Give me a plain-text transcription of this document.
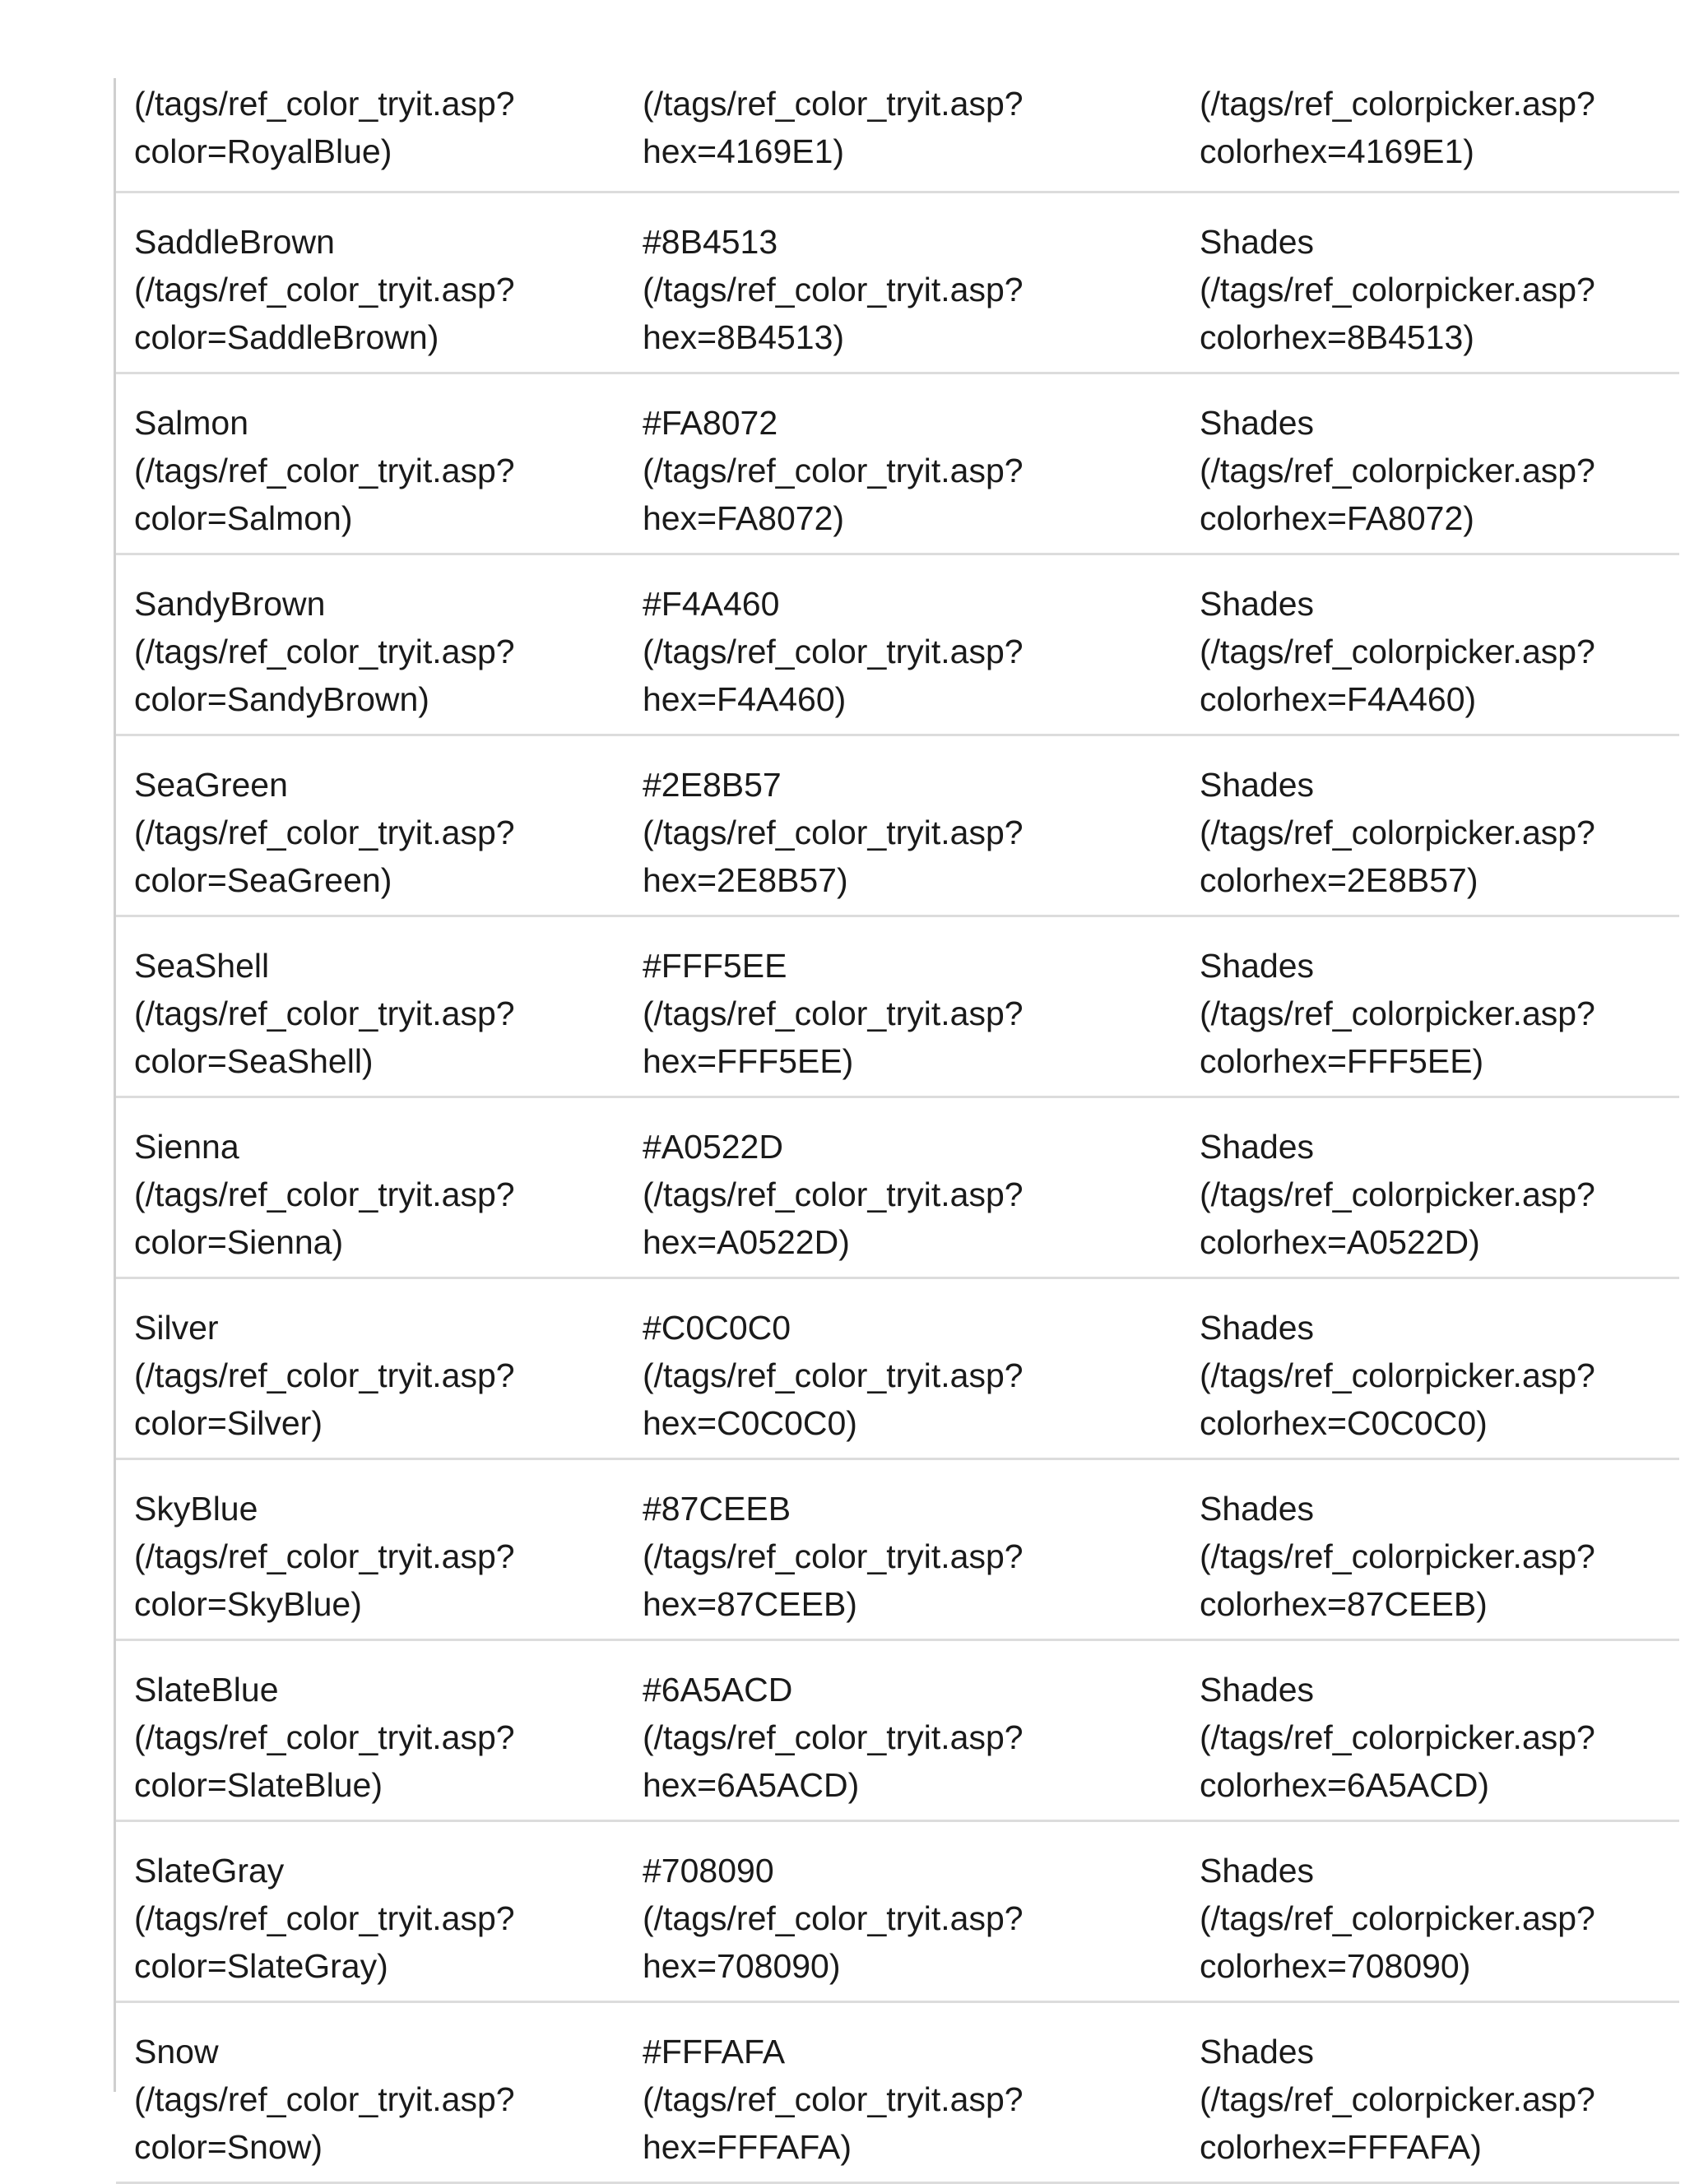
(/tags/ref_color_tryit.asp?
color=RoyalBlue)
(/tags/ref_color_tryit.asp?
hex=4169E1)
(/tags/ref_colorpicker.asp?
colorhex=4169E1)
SaddleBrown
(/tags/ref_color_tryit.asp?
color=SaddleBrown)
#8B4513
(/tags/ref_color_tryit.asp?
hex=8B4513)
Shades
(/tags/ref_colorpicker.asp?
colorhex=8B4513)
Salmon
(/tags/ref_color_tryit.asp?
color=Salmon)
#FA8072
(/tags/ref_color_tryit.asp?
hex=FA8072)
Shades
(/tags/ref_colorpicker.asp?
colorhex=FA8072)
SandyBrown
(/tags/ref_color_tryit.asp?
color=SandyBrown)
#F4A460
(/tags/ref_color_tryit.asp?
hex=F4A460)
Shades
(/tags/ref_colorpicker.asp?
colorhex=F4A460)
SeaGreen
(/tags/ref_color_tryit.asp?
color=SeaGreen)
#2E8B57
(/tags/ref_color_tryit.asp?
hex=2E8B57)
Shades
(/tags/ref_colorpicker.asp?
colorhex=2E8B57)
SeaShell
(/tags/ref_color_tryit.asp?
color=SeaShell)
#FFF5EE
(/tags/ref_color_tryit.asp?
hex=FFF5EE)
Shades
(/tags/ref_colorpicker.asp?
colorhex=FFF5EE)
Sienna
(/tags/ref_color_tryit.asp?
color=Sienna)
#A0522D
(/tags/ref_color_tryit.asp?
hex=A0522D)
Shades
(/tags/ref_colorpicker.asp?
colorhex=A0522D)
Silver
(/tags/ref_color_tryit.asp?
color=Silver)
#C0C0C0
(/tags/ref_color_tryit.asp?
hex=C0C0C0)
Shades
(/tags/ref_colorpicker.asp?
colorhex=C0C0C0)
SkyBlue
(/tags/ref_color_tryit.asp?
color=SkyBlue)
#87CEEB
(/tags/ref_color_tryit.asp?
hex=87CEEB)
Shades
(/tags/ref_colorpicker.asp?
colorhex=87CEEB)
SlateBlue
(/tags/ref_color_tryit.asp?
color=SlateBlue)
#6A5ACD
(/tags/ref_color_tryit.asp?
hex=6A5ACD)
Shades
(/tags/ref_colorpicker.asp?
colorhex=6A5ACD)
SlateGray
(/tags/ref_color_tryit.asp?
color=SlateGray)
#708090
(/tags/ref_color_tryit.asp?
hex=708090)
Shades
(/tags/ref_colorpicker.asp?
colorhex=708090)
Snow
(/tags/ref_color_tryit.asp?
color=Snow)
#FFFAFA
(/tags/ref_color_tryit.asp?
hex=FFFAFA)
Shades
(/tags/ref_colorpicker.asp?
colorhex=FFFAFA)
